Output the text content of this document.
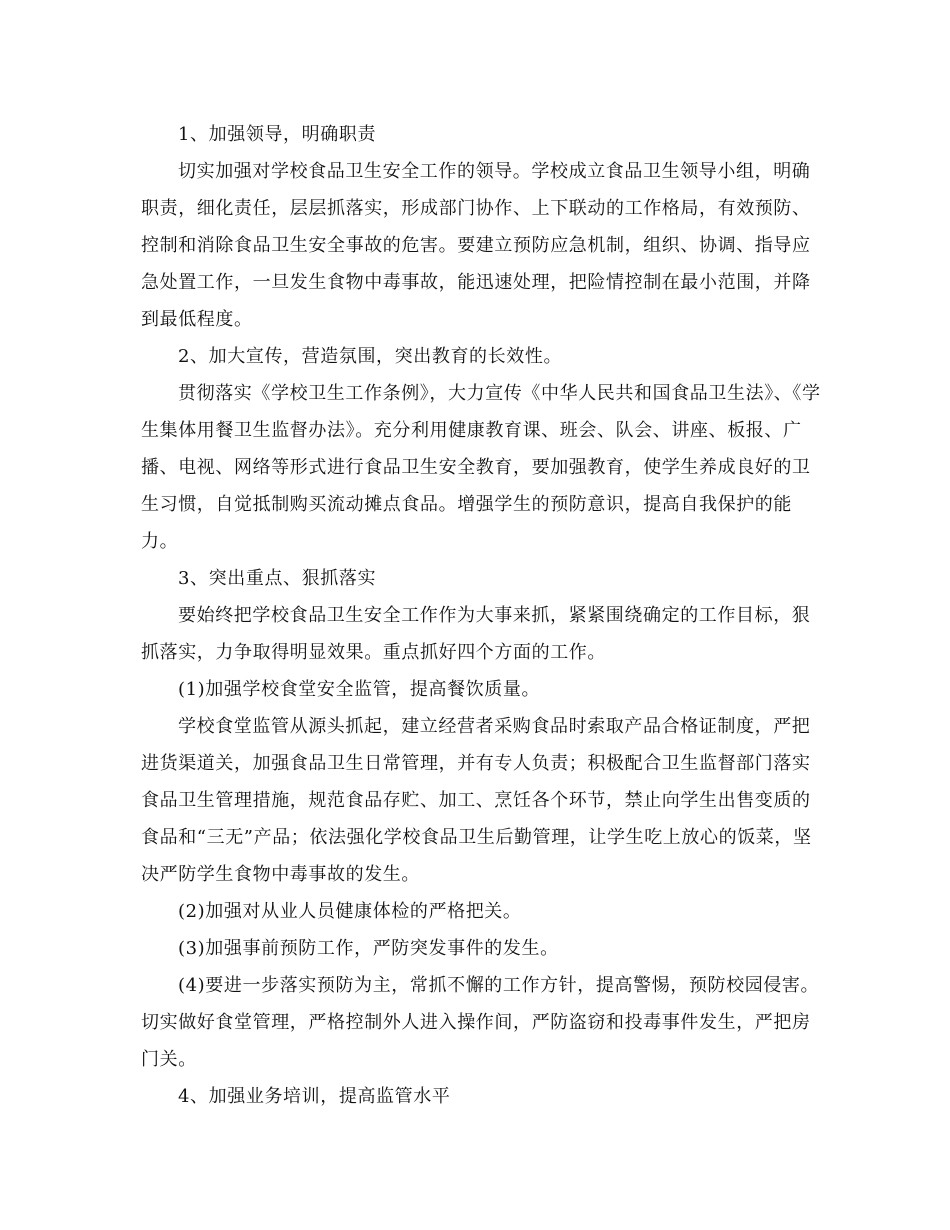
1、加强领导，明确职责

切实加强对学校食品卫生安全工作的领导。学校成立食品卫生领导小组，明确职责，细化责任，层层抓落实，形成部门协作、上下联动的工作格局，有效预防、控制和消除食品卫生安全事故的危害。要建立预防应急机制，组织、协调、指导应急处置工作，一旦发生食物中毒事故，能迅速处理，把险情控制在最小范围，并降到最低程度。

2、加大宣传，营造氛围，突出教育的长效性。

贯彻落实《学校卫生工作条例》，大力宣传《中华人民共和国食品卫生法》、《学生集体用餐卫生监督办法》。充分利用健康教育课、班会、队会、讲座、板报、广播、电视、网络等形式进行食品卫生安全教育，要加强教育，使学生养成良好的卫生习惯，自觉抵制购买流动摊点食品。增强学生的预防意识，提高自我保护的能力。

3、突出重点、狠抓落实

要始终把学校食品卫生安全工作作为大事来抓，紧紧围绕确定的工作目标，狠抓落实，力争取得明显效果。重点抓好四个方面的工作。

(1)加强学校食堂安全监管，提高餐饮质量。

学校食堂监管从源头抓起，建立经营者采购食品时索取产品合格证制度，严把进货渠道关，加强食品卫生日常管理，并有专人负责；积极配合卫生监督部门落实食品卫生管理措施，规范食品存贮、加工、烹饪各个环节，禁止向学生出售变质的食品和“三无”产品；依法强化学校食品卫生后勤管理，让学生吃上放心的饭菜，坚决严防学生食物中毒事故的发生。

(2)加强对从业人员健康体检的严格把关。

(3)加强事前预防工作，严防突发事件的发生。

(4)要进一步落实预防为主，常抓不懈的工作方针，提高警惕，预防校园侵害。切实做好食堂管理，严格控制外人进入操作间，严防盗窃和投毒事件发生，严把房门关。

4、加强业务培训，提高监管水平
